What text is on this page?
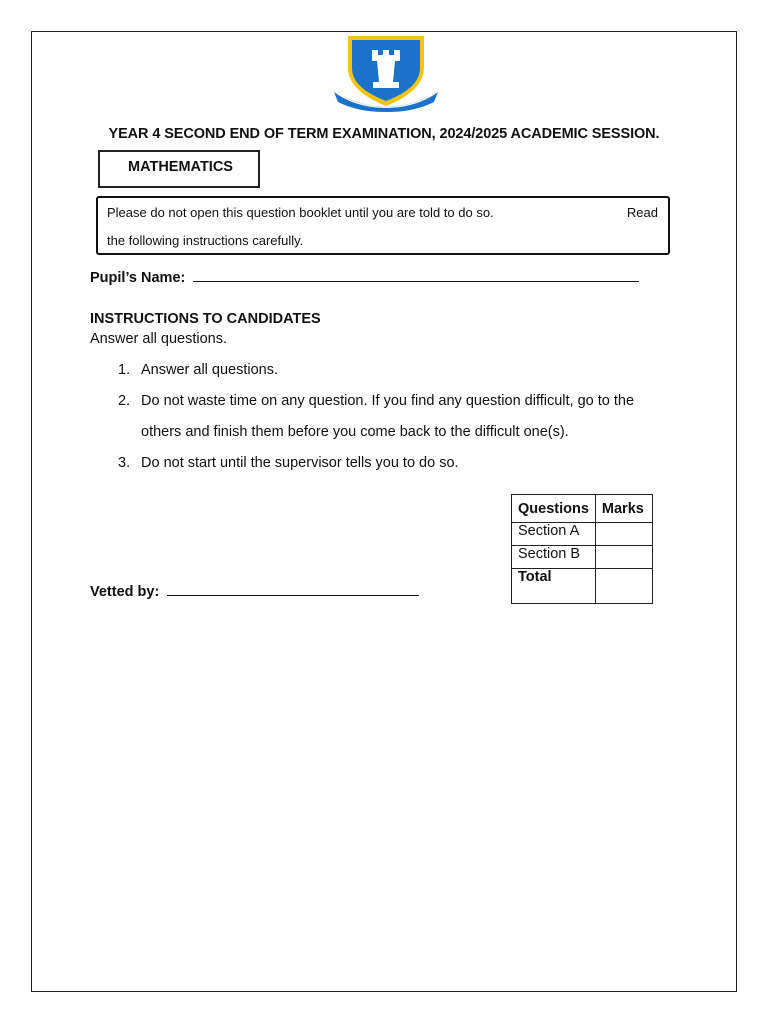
YEAR 4 SECOND END OF TERM EXAMINATION, 2024/2025 ACADEMIC SESSION.
MATHEMATICS
Please do not open this question booklet until you are told to do so.	Read
the following instructions carefully.
Pupil’s Name:
INSTRUCTIONS TO CANDIDATES
Answer all questions.
1. Answer all questions.
2. Do not waste time on any question. If you find any question difficult, go to the
others and finish them before you come back to the difficult one(s).
3. Do not start until the supervisor tells you to do so.
Questions	Marks
Section A	
Section B	
Total	
Vetted by:
